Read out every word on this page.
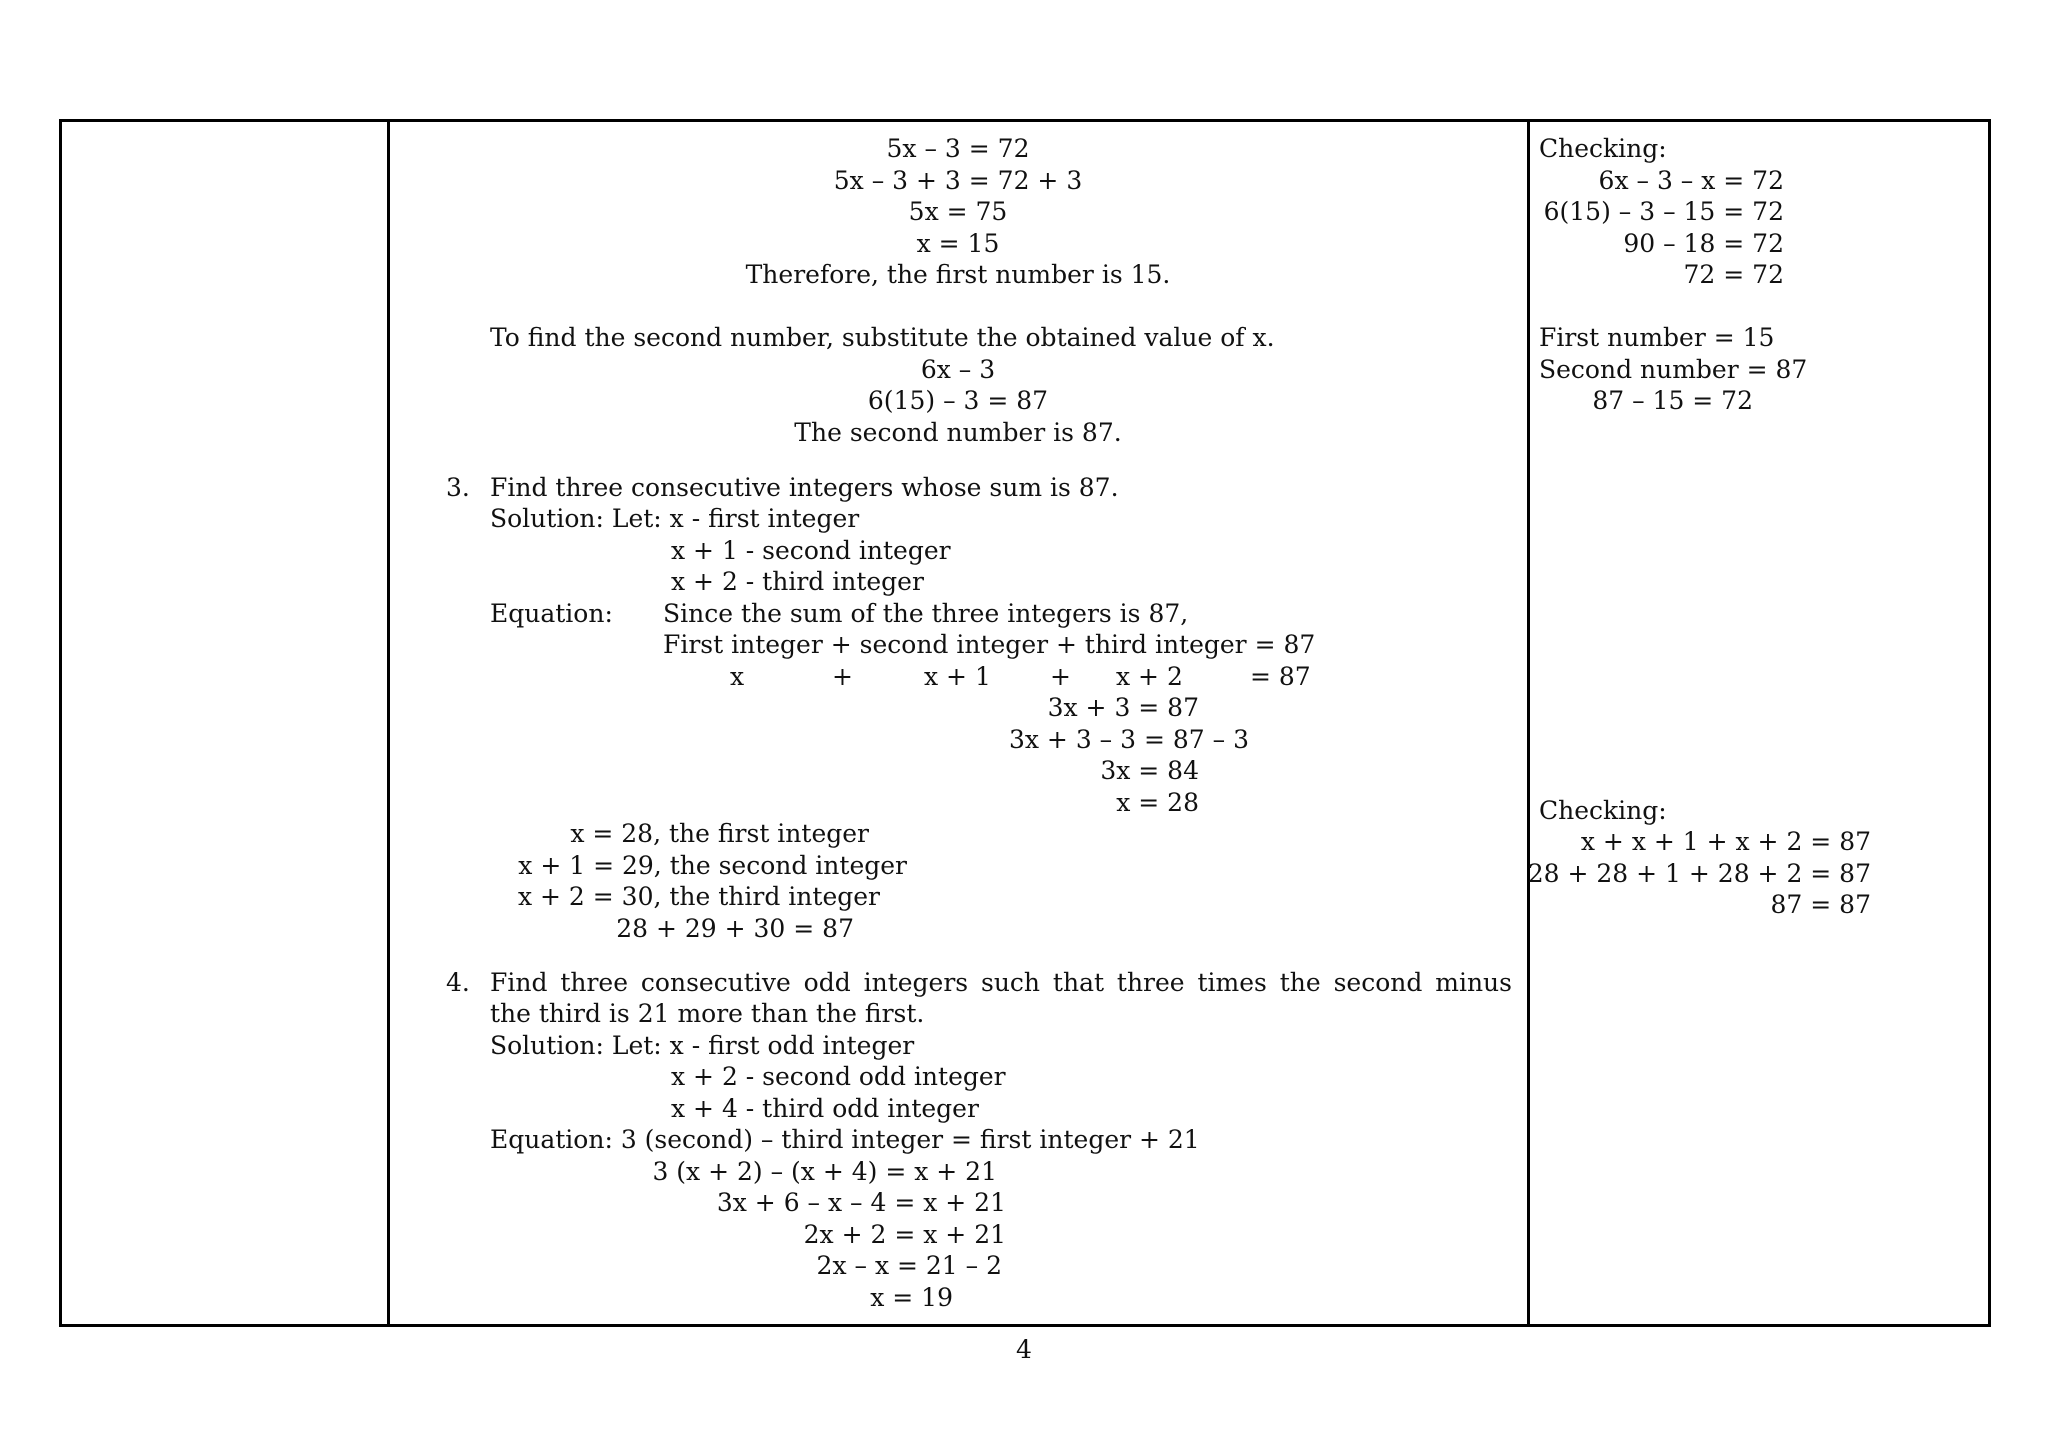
5x – 3 = 72
5x – 3 + 3 = 72 + 3
5x = 75
x = 15
Therefore, the first number is 15.
To find the second number, substitute the obtained value of x.
6x – 3
6(15) – 3 = 87
The second number is 87.
3. Find three consecutive integers whose sum is 87.
Solution: Let: x - first integer
x + 1 - second integer
x + 2 - third integer
Equation: Since the sum of the three integers is 87,
First integer + second integer + third integer = 87
x	+	x + 1 + x + 2	= 87
3x + 3 = 87
3x + 3 – 3 = 87 – 3
3x = 84
x = 28
x = 28, the first integer
x + 1 = 29, the second integer
x + 2 = 30, the third integer
28 + 29 + 30 = 87
4. Find three consecutive odd integers such that three times the second minus
the third is 21 more than the first.
Solution: Let: x - first odd integer
x + 2 - second odd integer
x + 4 - third odd integer
Equation: 3 (second) – third integer = first integer + 21
3 (x + 2) – (x + 4) = x + 21
3x + 6 – x – 4 = x + 21
2x + 2 = x + 21
2x – x = 21 – 2
x = 19
Checking:
6x – 3 – x = 72
6(15) – 3 – 15 = 72
90 – 18 = 72
72 = 72
First number = 15
Second number = 87
87 – 15 = 72
Checking:
x + x + 1 + x + 2 = 87
28 + 28 + 1 + 28 + 2 = 87
87 = 87
4
